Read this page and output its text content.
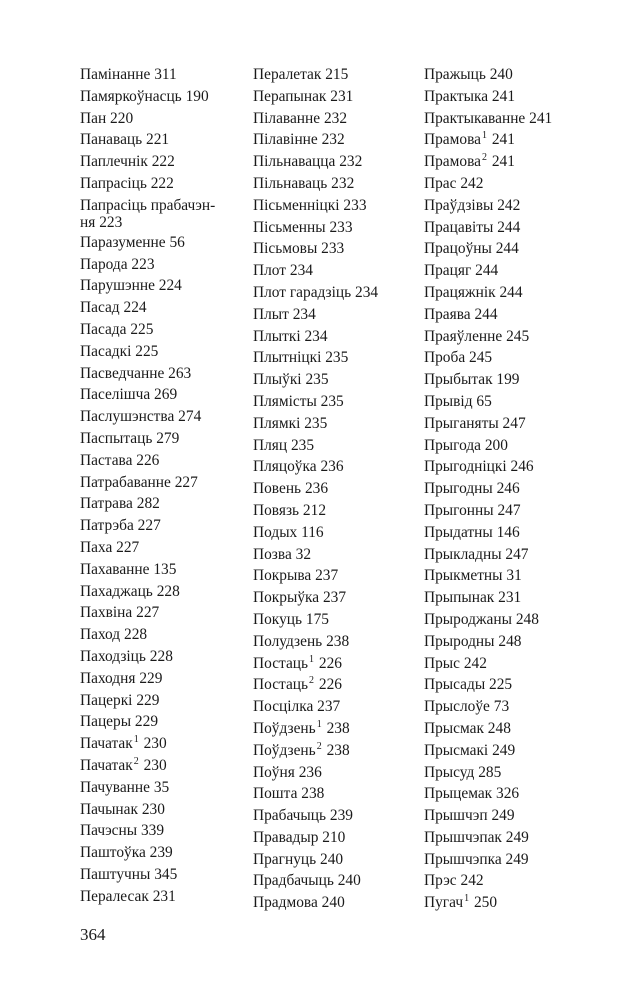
Памінанне 311
Памяркоўнасць 190
Пан 220
Панаваць 221
Паплечнік 222
Папрасіць 222
Папрасіць прабачэн-
ня 223
Паразуменне 56
Парода 223
Парушэнне 224
Пасад 224
Пасада 225
Пасадкі 225
Пасведчанне 263
Паселішча 269
Паслушэнства 274
Паспытаць 279
Пастава 226
Патрабаванне 227
Патрава 282
Патрэба 227
Паха 227
Пахаванне 135
Пахаджаць 228
Пахвіна 227
Паход 228
Паходзіць 228
Паходня 229
Пацеркі 229
Пацеры 229
Пачатак$^1$ 230
Пачатак$^2$ 230
Пачуванне 35
Пачынак 230
Пачэсны 339
Паштоўка 239
Паштучны 345
Пералесак 231
Пералетак 215
Перапынак 231
Пілаванне 232
Пілавінне 232
Пільнавацца 232
Пільнаваць 232
Пісьменніцкі 233
Пісьменны 233
Пісьмовы 233
Плот 234
Плот гарадзіць 234
Плыт 234
Плыткі 234
Плытніцкі 235
Плыўкі 235
Плямісты 235
Плямкі 235
Пляц 235
Пляцоўка 236
Повень 236
Повязь 212
Подых 116
Позва 32
Покрыва 237
Покрыўка 237
Покуць 175
Полудзень 238
Постаць$^1$ 226
Постаць$^2$ 226
Посцілка 237
Поўдзень$^1$ 238
Поўдзень$^2$ 238
Поўня 236
Пошта 238
Прабачыць 239
Правадыр 210
Прагнуць 240
Прадбачыць 240
Прадмова 240
Пражыць 240
Практыка 241
Практыкаванне 241
Прамова$^1$ 241
Прамова$^2$ 241
Прас 242
Праўдзівы 242
Працавіты 244
Працоўны 244
Працяг 244
Працяжнік 244
Праява 244
Праяўленне 245
Проба 245
Прыбытак 199
Прывід 65
Прыганяты 247
Прыгода 200
Прыгодніцкі 246
Прыгодны 246
Прыгонны 247
Прыдатны 146
Прыкладны 247
Прыкметны 31
Прыпынак 231
Прыроджаны 248
Прыродны 248
Прыс 242
Прысады 225
Прыслоўе 73
Прысмак 248
Прысмакі 249
Прысуд 285
Прыцемак 326
Прышчэп 249
Прышчэпак 249
Прышчэпка 249
Прэс 242
Пугач$^1$ 250
364
